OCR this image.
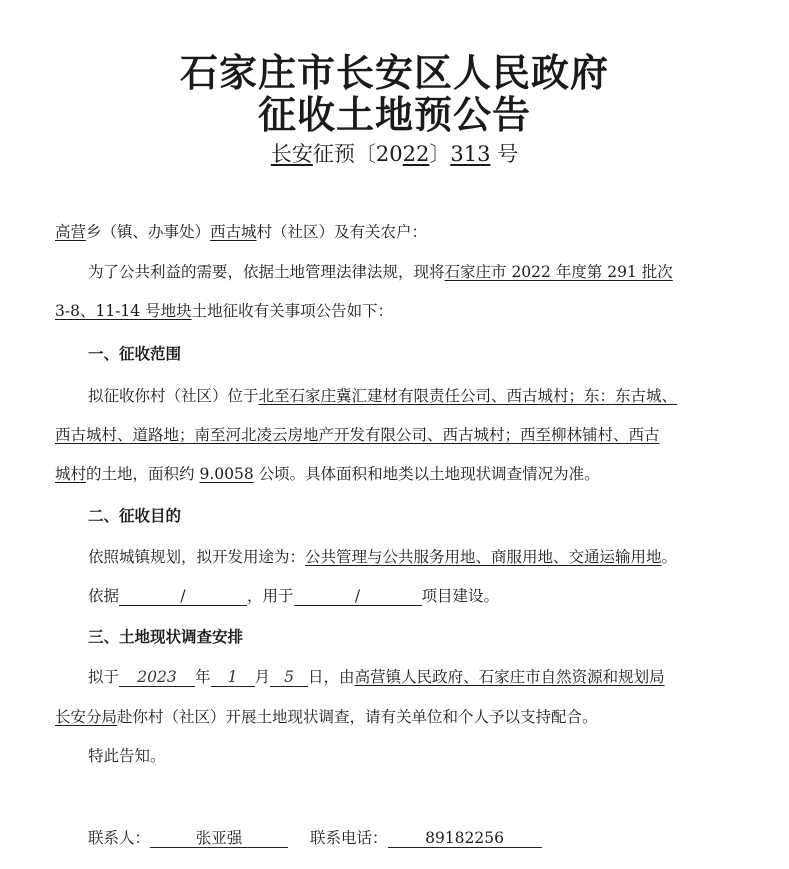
石家庄市长安区人民政府
征收土地预公告
长安征预〔2022〕313 号
高营乡（镇、办事处）西古城村（社区）及有关农户：
为了公共利益的需要，依据土地管理法律法规，现将石家庄市 2022 年度第 291 批次
3-8、11-14 号地块土地征收有关事项公告如下：
一、征收范围
拟征收你村（社区）位于北至石家庄冀汇建材有限责任公司、西古城村；东：东古城、
西古城村、道路地；南至河北凌云房地产开发有限公司、西古城村；西至柳林铺村、西古
城村的土地，面积约 9.0058 公顷。具体面积和地类以土地现状调查情况为准。
二、征收目的
依照城镇规划，拟开发用途为：公共管理与公共服务用地、商服用地、交通运输用地。
依据	/	，用于	/	项目建设。
三、土地现状调查安排
拟于 2023 年 1 月 5 日，由高营镇人民政府、石家庄市自然资源和规划局
长安分局赴你村（社区）开展土地现状调查，请有关单位和个人予以支持配合。
特此告知。
联系人：	张亚强	联系电话： 89182256
